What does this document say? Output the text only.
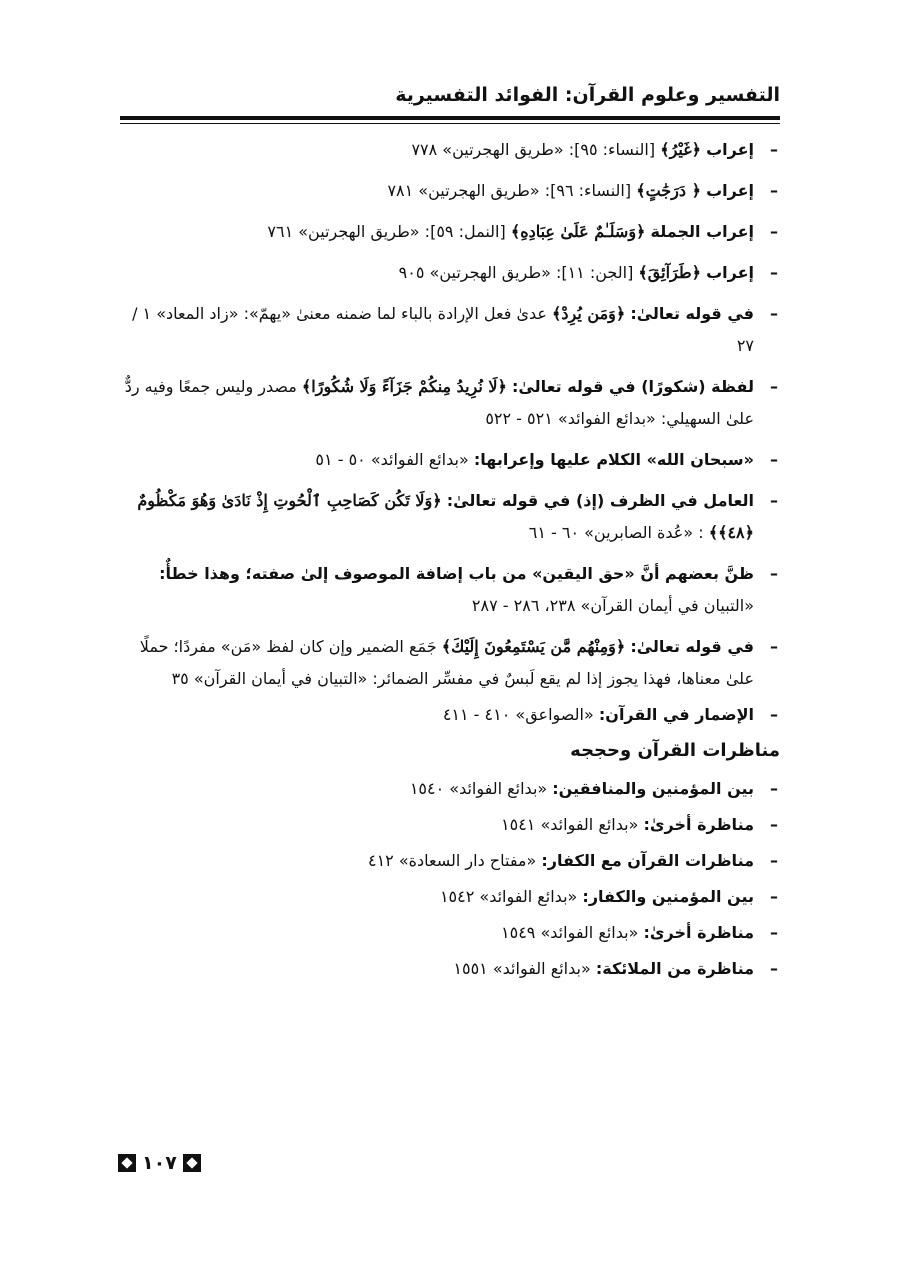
التفسير وعلوم القرآن: الفوائد التفسيرية
–
إعراب ﴿غَيْرُ﴾ [النساء: ٩٥]: «طريق الهجرتين» ٧٧٨
–
إعراب ﴿ دَرَجَٰتٍ﴾ [النساء: ٩٦]: «طريق الهجرتين» ٧٨١
–
إعراب الجملة ﴿وَسَلَـٰمٌ عَلَىٰ عِبَادِهِ﴾ [النمل: ٥٩]: «طريق الهجرتين» ٧٦١
–
إعراب ﴿طَرَآئِقَ﴾ [الجن: ١١]: «طريق الهجرتين» ٩٠٥
–
في قوله تعالىٰ: ﴿وَمَن يُرِدْ﴾ عدىٰ فعل الإرادة بالباء لما ضمنه معنىٰ «يهمّ»: «زاد المعاد» ١ / ٢٧
–
لفظة (شكورًا) في قوله تعالىٰ: ﴿لَا نُرِيدُ مِنكُمْ جَزَآءً وَلَا شُكُورًا﴾ مصدر وليس جمعًا وفيه ردٌّ علىٰ السهيلي: «بدائع الفوائد» ٥٢١ - ٥٢٢
–
«سبحان الله» الكلام عليها وإعرابها: «بدائع الفوائد» ٥٠ - ٥١
–
العامل في الظرف (إذ) في قوله تعالىٰ: ﴿وَلَا تَكُن كَصَاحِبِ ٱلْحُوتِ إِذْ نَادَىٰ وَهُوَ مَكْظُومٌ ﴿٤٨﴾﴾ : «عُدة الصابرين» ٦٠ - ٦١
–
ظنَّ بعضهم أنَّ «حق اليقين» من باب إضافة الموصوف إلىٰ صفته؛ وهذا خطأٌ: «التبيان في أيمان القرآن» ٢٣٨، ٢٨٦ - ٢٨٧
–
في قوله تعالىٰ: ﴿وَمِنْهُم مَّن يَسْتَمِعُونَ إِلَيْكَ﴾ جَمَع الضمير وإن كان لفظ «مَن» مفردًا؛ حملًا علىٰ معناها، فهذا يجوز إذا لم يقع لَبسٌ في مفسِّر الضمائر: «التبيان في أيمان القرآن» ٣٥
–
الإضمار في القرآن: «الصواعق» ٤١٠ - ٤١١
مناظرات القرآن وحججه
–
بين المؤمنين والمنافقين: «بدائع الفوائد» ١٥٤٠
–
مناظرة أخرىٰ: «بدائع الفوائد» ١٥٤١
–
مناظرات القرآن مع الكفار: «مفتاح دار السعادة» ٤١٢
–
بين المؤمنين والكفار: «بدائع الفوائد» ١٥٤٢
–
مناظرة أخرىٰ: «بدائع الفوائد» ١٥٤٩
–
مناظرة من الملائكة: «بدائع الفوائد» ١٥٥١
١٠٧
